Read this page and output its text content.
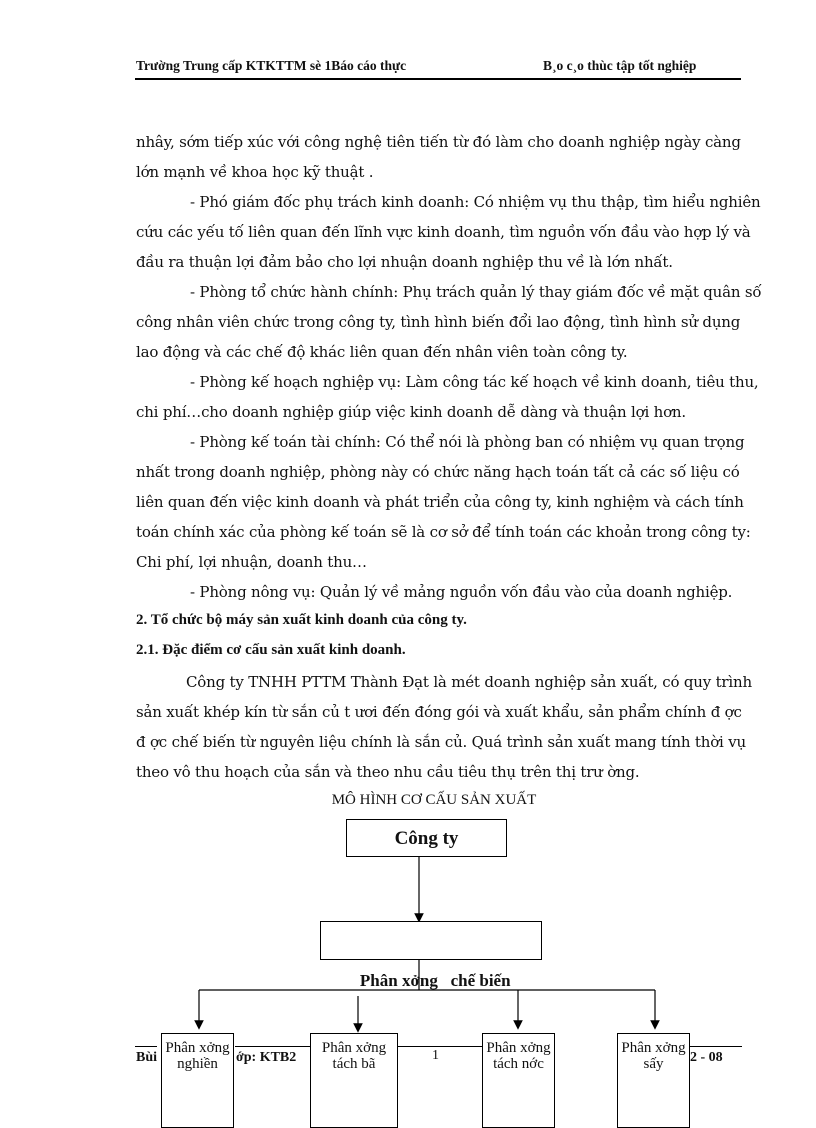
Trường Trung cấp KTKTTM sè 1Báo cáo thực	B¸o c¸o thùc tập tốt nghiệp
nhây, sớm tiếp xúc với công nghệ tiên tiến từ đó làm cho doanh nghiệp ngày càng
lớn mạnh về khoa học kỹ thuật .
- Phó giám đốc phụ trách kinh doanh: Có nhiệm vụ thu thập, tìm hiểu nghiên
cứu các yếu tố liên quan đến lĩnh vực kinh doanh, tìm nguồn vốn đầu vào hợp lý và
đầu ra thuận lợi đảm bảo cho lợi nhuận doanh nghiệp thu về là lớn nhất.
- Phòng tổ chức hành chính: Phụ trách quản lý thay giám đốc về mặt quân số
công nhân viên chức trong công ty, tình hình biến đổi lao động, tình hình sử dụng
lao động và các chế độ khác liên quan đến nhân viên toàn công ty.
- Phòng kế hoạch nghiệp vụ: Làm công tác kế hoạch về kinh doanh, tiêu thu,
chi phí…cho doanh nghiệp giúp việc kinh doanh dễ dàng và thuận lợi hơn.
- Phòng kế toán tài chính: Có thể nói là phòng ban có nhiệm vụ quan trọng
nhất trong doanh nghiệp, phòng này có chức năng hạch toán tất cả các số liệu có
liên quan đến việc kinh doanh và phát triển của công ty, kinh nghiệm và cách tính
toán chính xác của phòng kế toán sẽ là cơ sở để tính toán các khoản trong công ty:
Chi phí, lợi nhuận, doanh thu…
- Phòng nông vụ: Quản lý về mảng nguồn vốn đầu vào của doanh nghiệp.
2. Tổ chức bộ máy sản xuất kinh doanh của công ty.
2.1. Đặc điểm cơ cấu sản xuất kinh doanh.
Công ty TNHH PTTM Thành Đạt là mét doanh nghiệp sản xuất, có quy trình
sản xuất khép kín từ sắn củ t ươi đến đóng gói và xuất khẩu, sản phẩm chính đ ợc
đ ợc chế biến từ nguyên liệu chính là sắn củ. Quá trình sản xuất mang tính thời vụ
theo vô thu hoạch của sắn và theo nhu cầu tiêu thụ trên thị trư ờng.
MÔ HÌNH CƠ CẤU SẢN XUẤT
Bùi	ớp: KTB2	1	2 - 08
Công ty

Phân xởng   chế biến

Phân xởng nghiền
Phân xởng tách bã
Phân xởng tách nớc
Phân xởng sấy
